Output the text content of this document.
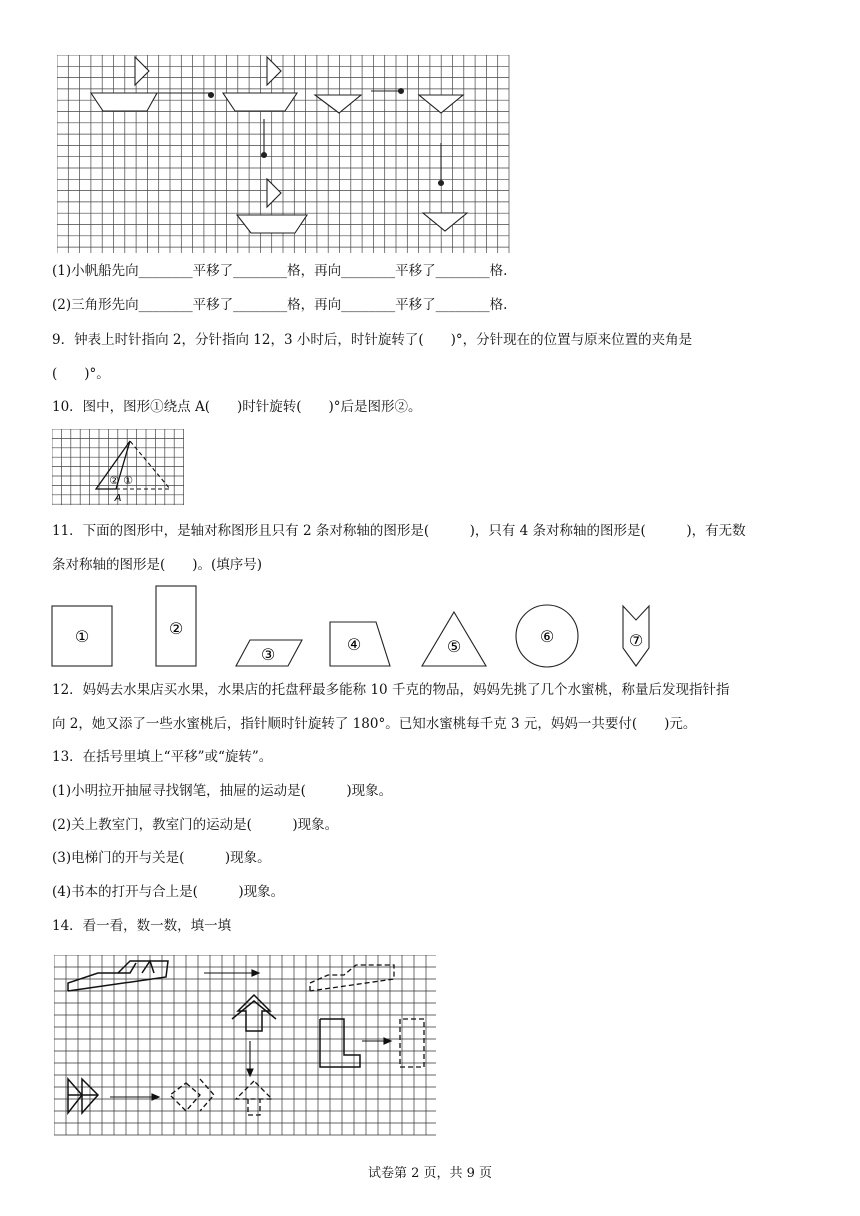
(1)小帆船先向________平移了________格，再向________平移了________格.
(2)三角形先向________平移了________格，再向________平移了________格.
9．钟表上时针指向 2，分针指向 12，3 小时后，时针旋转了(　　)°，分针现在的位置与原来位置的夹角是
(　　)°。
10．图中，图形①绕点 A(　　)时针旋转(　　)°后是图形②。
② ①
A
11．下面的图形中，是轴对称图形且只有 2 条对称轴的图形是(　　　)，只有 4 条对称轴的图形是(　　　)，有无数
条对称轴的图形是(　　)。(填序号)
①	②
③
④	⑤
⑥	⑦
12．妈妈去水果店买水果，水果店的托盘秤最多能称 10 千克的物品，妈妈先挑了几个水蜜桃，称量后发现指针指
向 2，她又添了一些水蜜桃后，指针顺时针旋转了 180°。已知水蜜桃每千克 3 元，妈妈一共要付(　　)元。
13．在括号里填上“平移”或“旋转”。
(1)小明拉开抽屉寻找钢笔，抽屉的运动是(　　　)现象。
(2)关上教室门，教室门的运动是(　　　)现象。
(3)电梯门的开与关是(　　　)现象。
(4)书本的打开与合上是(　　　)现象。
14．看一看，数一数，填一填
试卷第 2 页，共 9 页
